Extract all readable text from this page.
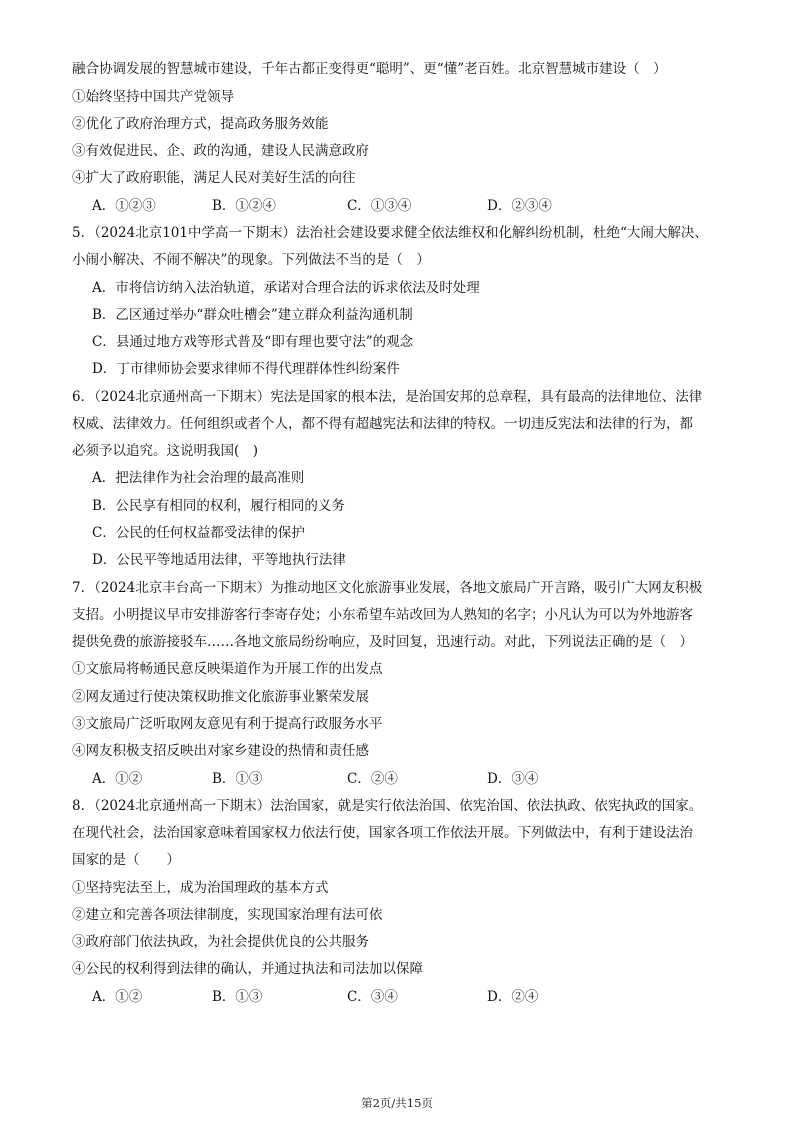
融合协调发展的智慧城市建设，千年古都正变得更“聪明”、更“懂”老百姓。北京智慧城市建设（　）
①始终坚持中国共产党领导
②优化了政府治理方式，提高政务服务效能
③有效促进民、企、政的沟通，建设人民满意政府
④扩大了政府职能，满足人民对美好生活的向往
A．①②③	B．①②④	C．①③④	D．②③④
5．（2024北京101中学高一下期末）法治社会建设要求健全依法维权和化解纠纷机制，杜绝“大闹大解决、
小闹小解决、不闹不解决”的现象。下列做法不当的是（　）
A．市将信访纳入法治轨道，承诺对合理合法的诉求依法及时处理
B．乙区通过举办“群众吐槽会”建立群众利益沟通机制
C．县通过地方戏等形式普及“即有理也要守法”的观念
D．丁市律师协会要求律师不得代理群体性纠纷案件
6．（2024北京通州高一下期末）宪法是国家的根本法，是治国安邦的总章程，具有最高的法律地位、法律
权威、法律效力。任何组织或者个人，都不得有超越宪法和法律的特权。一切违反宪法和法律的行为，都
必须予以追究。这说明我国(　)
A．把法律作为社会治理的最高准则
B．公民享有相同的权利，履行相同的义务
C．公民的任何权益都受法律的保护
D．公民平等地适用法律，平等地执行法律
7．（2024北京丰台高一下期末）为推动地区文化旅游事业发展，各地文旅局广开言路，吸引广大网友积极
支招。小明提议早市安排游客行李寄存处；小东希望车站改回为人熟知的名字；小凡认为可以为外地游客
提供免费的旅游接驳车……各地文旅局纷纷响应，及时回复，迅速行动。对此，下列说法正确的是（　）
①文旅局将畅通民意反映渠道作为开展工作的出发点
②网友通过行使决策权助推文化旅游事业繁荣发展
③文旅局广泛听取网友意见有利于提高行政服务水平
④网友积极支招反映出对家乡建设的热情和责任感
A．①②	B．①③	C．②④	D．③④
8．（2024北京通州高一下期末）法治国家，就是实行依法治国、依宪治国、依法执政、依宪执政的国家。
在现代社会，法治国家意味着国家权力依法行使，国家各项工作依法开展。下列做法中，有利于建设法治
国家的是（　　）
①坚持宪法至上，成为治国理政的基本方式
②建立和完善各项法律制度，实现国家治理有法可依
③政府部门依法执政，为社会提供优良的公共服务
④公民的权利得到法律的确认，并通过执法和司法加以保障
A．①②	B．①③	C．③④	D．②④
第2页/共15页
